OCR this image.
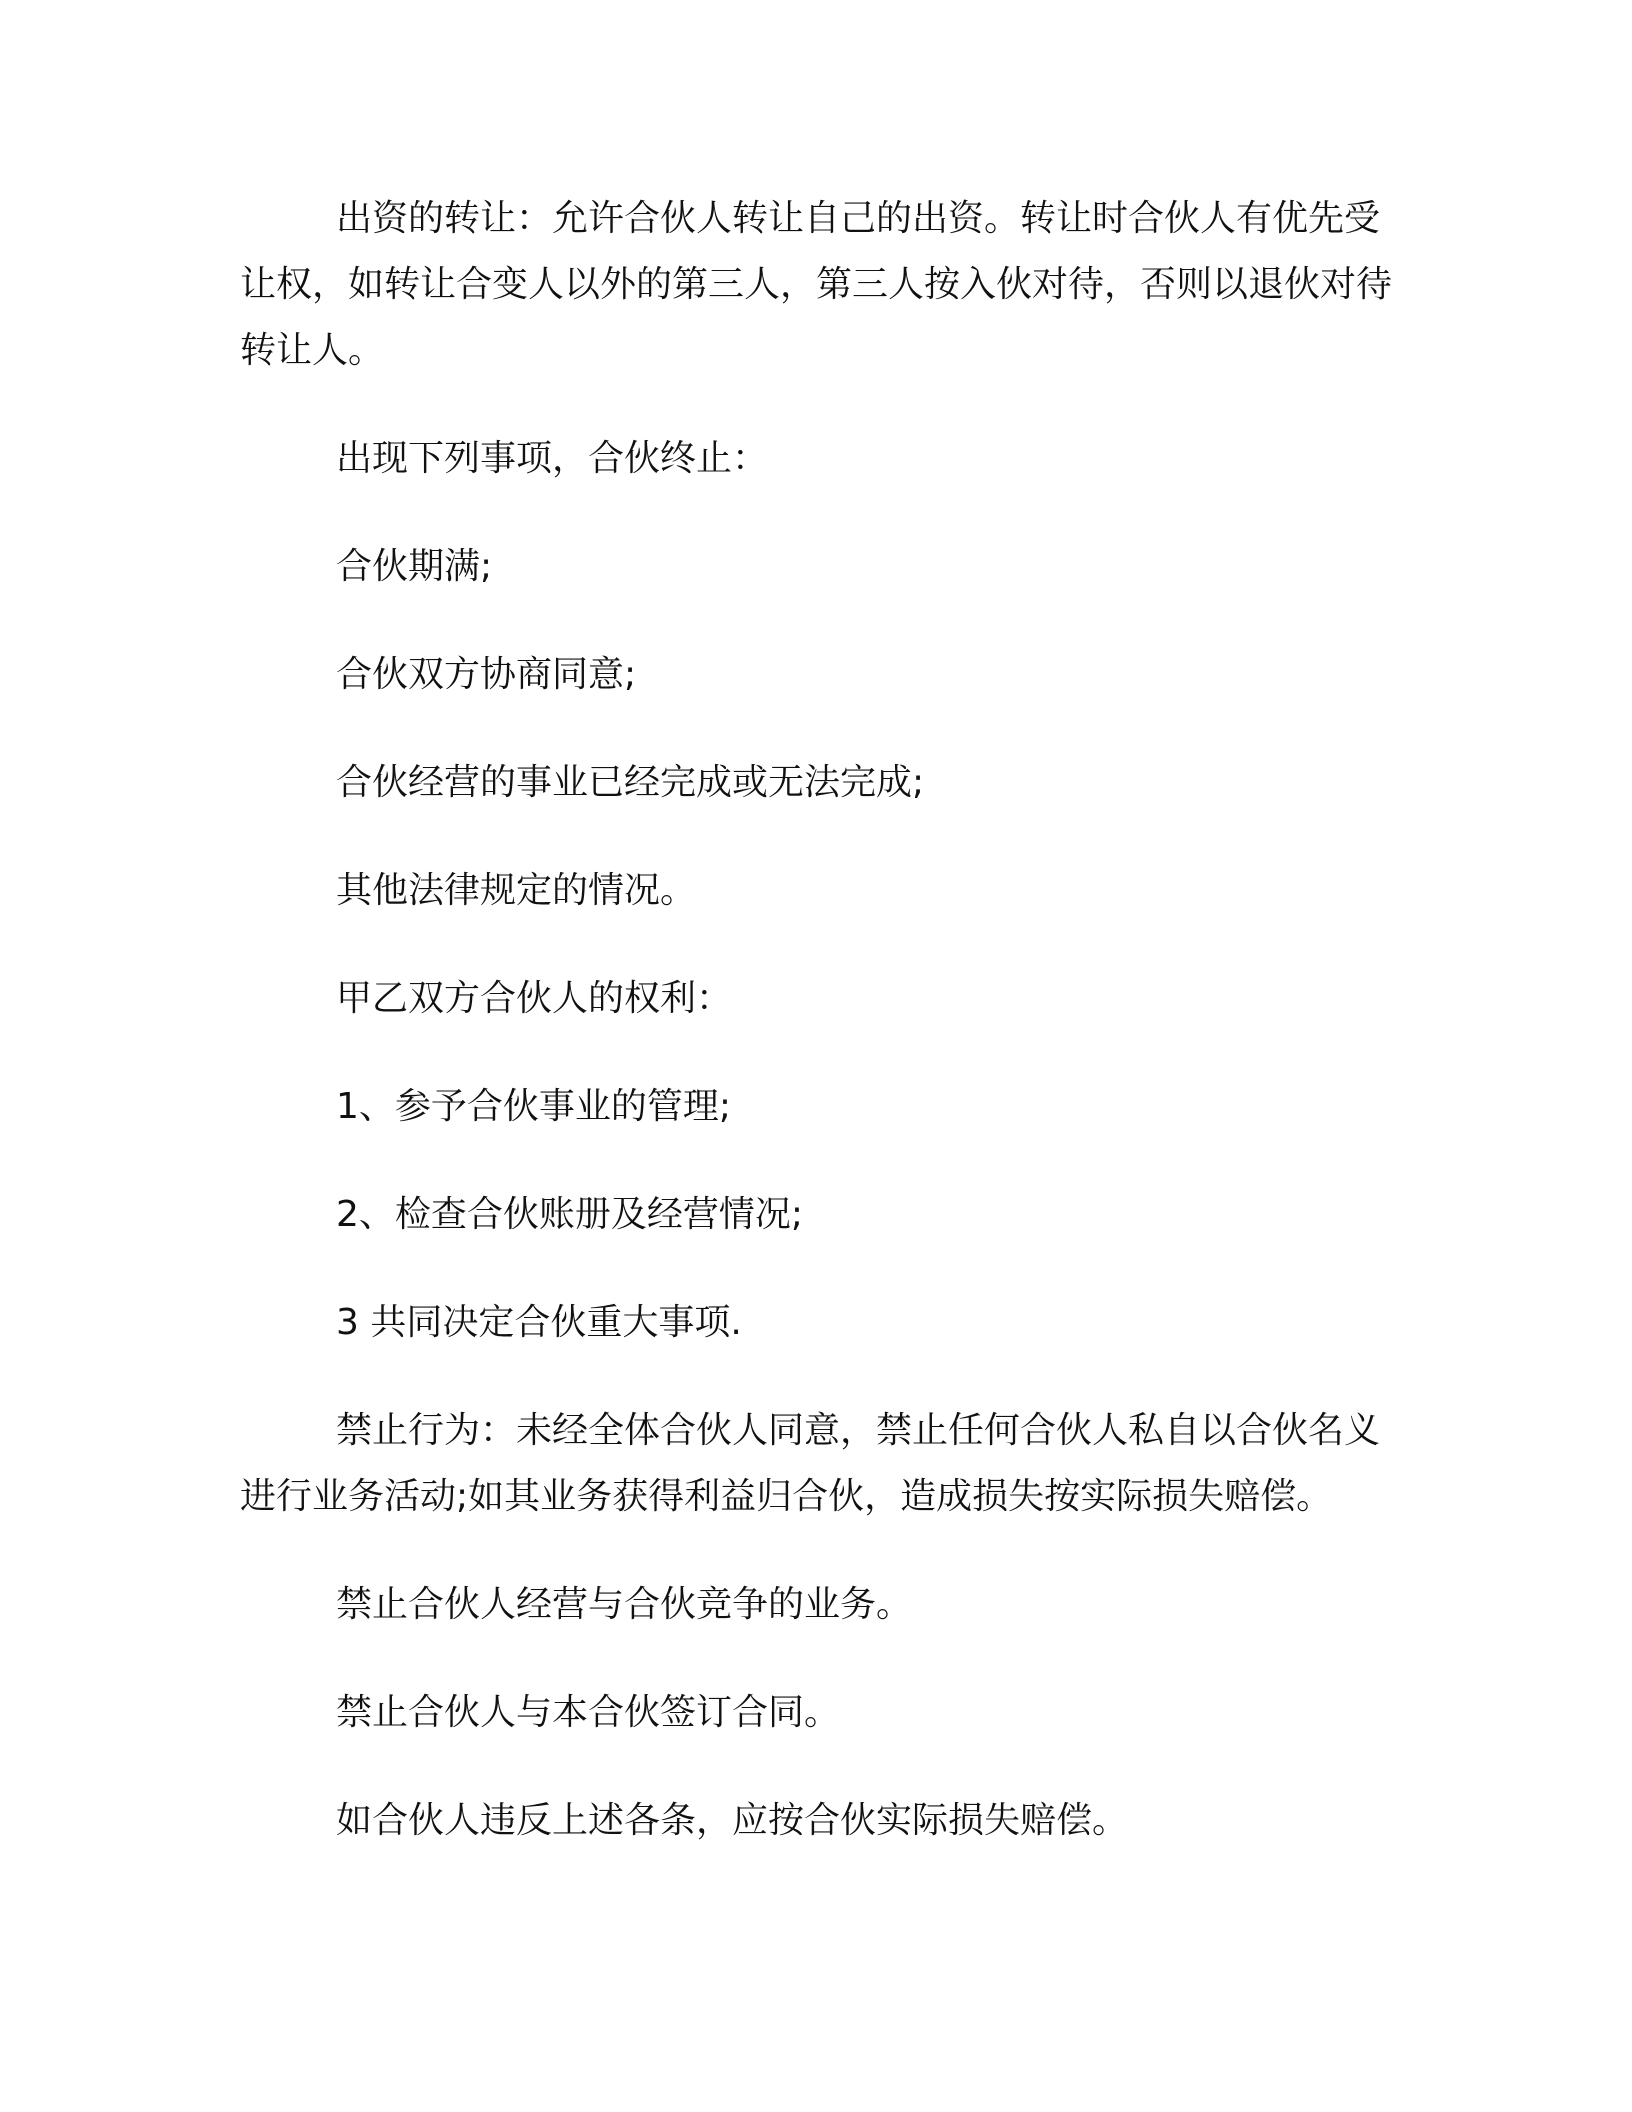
出资的转让：允许合伙人转让自己的出资。转让时合伙人有优先受让权，如转让合变人以外的第三人，第三人按入伙对待，否则以退伙对待转让人。

出现下列事项，合伙终止：

合伙期满;

合伙双方协商同意;

合伙经营的事业已经完成或无法完成;

其他法律规定的情况。

甲乙双方合伙人的权利：

1、参予合伙事业的管理;

2、检查合伙账册及经营情况;

3 共同决定合伙重大事项.

禁止行为：未经全体合伙人同意，禁止任何合伙人私自以合伙名义进行业务活动;如其业务获得利益归合伙，造成损失按实际损失赔偿。

禁止合伙人经营与合伙竞争的业务。

禁止合伙人与本合伙签订合同。

如合伙人违反上述各条，应按合伙实际损失赔偿。
